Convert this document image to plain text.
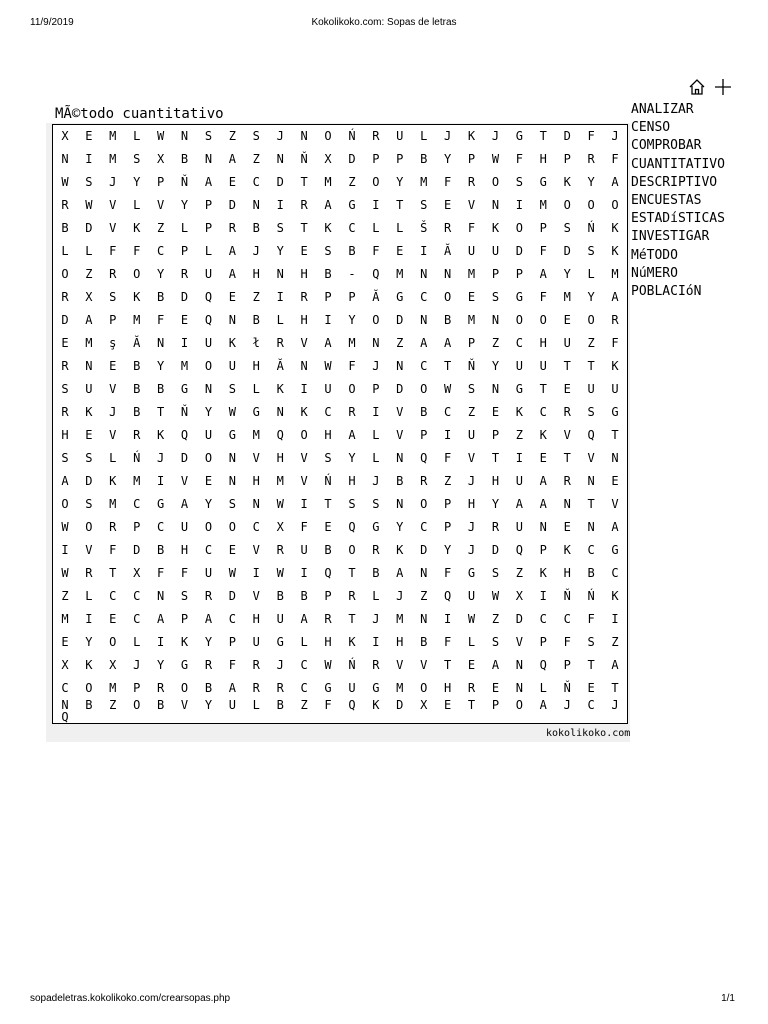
11/9/2019	Kokolikoko.com: Sopas de letras
MÃ©todo cuantitativo
X	E	M	L	W	N	S	Z	S	J	N	O	Ń	R	U	L	J	K	J	G	T	D	F	J
N	I	M	S	X	B	N	A	Z	N	Ň	X	D	P	P	B	Y	P	W	F	H	P	R	F
W	S	J	Y	P	Ň	A	E	C	D	T	M	Z	O	Y	M	F	R	O	S	G	K	Y	A
R	W	V	L	V	Y	P	D	N	I	R	A	G	I	T	S	E	V	N	I	M	O	O	O
B	D	V	K	Z	L	P	R	B	S	T	K	C	L	L	Š	R	F	K	O	P	S	Ń	K
L	L	F	F	C	P	L	A	J	Y	E	S	B	F	E	I	Ă	U	U	D	F	D	S	K
O	Z	R	O	Y	R	U	A	H	N	H	B	-	Q	M	N	N	M	P	P	A	Y	L	M
R	X	S	K	B	D	Q	E	Z	I	R	P	P	Ă	G	C	O	E	S	G	F	M	Y	A
D	A	P	M	F	E	Q	N	B	L	H	I	Y	O	D	N	B	M	N	O	O	E	O	R
E	M	ş	Ă	N	I	U	K	ł	R	V	A	M	N	Z	A	A	P	Z	C	H	U	Z	F
R	N	E	B	Y	M	O	U	H	Ă	N	W	F	J	N	C	T	Ň	Y	U	U	T	T	K
S	U	V	B	B	G	N	S	L	K	I	U	O	P	D	O	W	S	N	G	T	E	U	U
R	K	J	B	T	Ň	Y	W	G	N	K	C	R	I	V	B	C	Z	E	K	C	R	S	G
H	E	V	R	K	Q	U	G	M	Q	O	H	A	L	V	P	I	U	P	Z	K	V	Q	T
S	S	L	Ń	J	D	O	N	V	H	V	S	Y	L	N	Q	F	V	T	I	E	T	V	N
A	D	K	M	I	V	E	N	H	M	V	Ń	H	J	B	R	Z	J	H	U	A	R	N	E
O	S	M	C	G	A	Y	S	N	W	I	T	S	S	N	O	P	H	Y	A	A	N	T	V
W	O	R	P	C	U	O	O	C	X	F	E	Q	G	Y	C	P	J	R	U	N	E	N	A
I	V	F	D	B	H	C	E	V	R	U	B	O	R	K	D	Y	J	D	Q	P	K	C	G
W	R	T	X	F	F	U	W	I	W	I	Q	T	B	A	N	F	G	S	Z	K	H	B	C
Z	L	C	C	N	S	R	D	V	B	B	P	R	L	J	Z	Q	U	W	X	I	Ň	Ń	K
M	I	E	C	A	P	A	C	H	U	A	R	T	J	M	N	I	W	Z	D	C	C	F	I
E	Y	O	L	I	K	Y	P	U	G	L	H	K	I	H	B	F	L	S	V	P	F	S	Z
X	K	X	J	Y	G	R	F	R	J	C	W	Ń	R	V	V	T	E	A	N	Q	P	T	A
C	O	M	P	R	O	B	A	R	R	C	G	U	G	M	O	H	R	E	N	L	Ň	E	T
N	B	Z	O	B	V	Y	U	L	B	Z	F	Q	K	D	X	E	T	P	O	A	J	C	J
Q
kokolikoko.com
ANALIZAR
CENSO
COMPROBAR
CUANTITATIVO
DESCRIPTIVO
ENCUESTAS
ESTADíSTICAS
INVESTIGAR
MéTODO
NúMERO
POBLACIóN
sopadeletras.kokolikoko.com/crearsopas.php	1/1
